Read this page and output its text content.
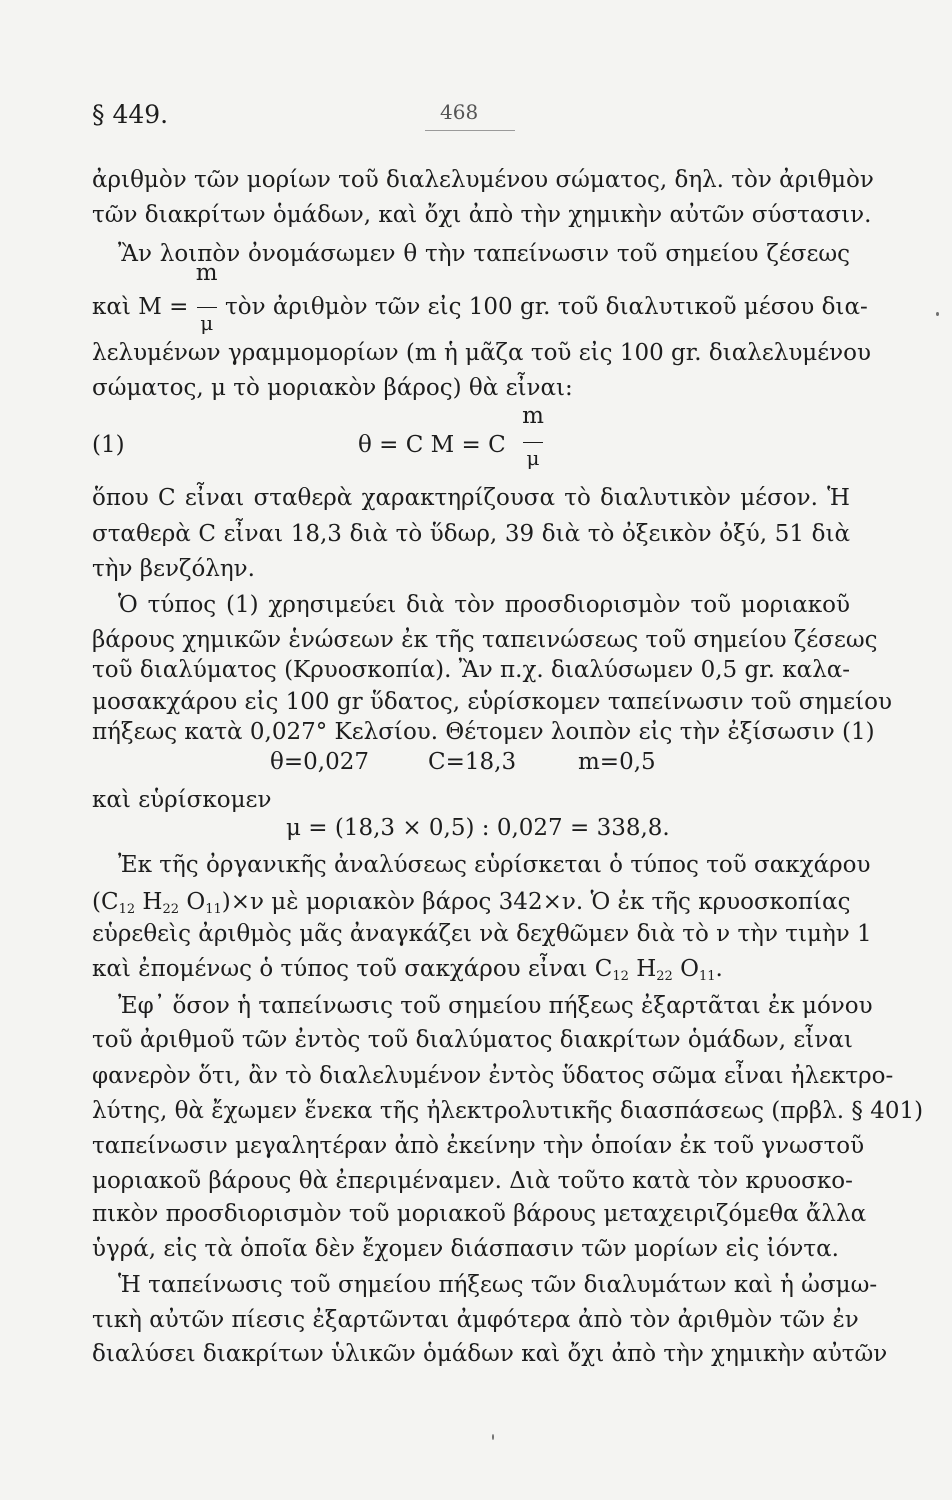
§ 449.	468
ἀριθμὸν τῶν μορίων τοῦ διαλελυμένου σώματος, δηλ. τὸν ἀριθμὸν
τῶν διακρίτων ὁμάδων, καὶ ὄχι ἀπὸ τὴν χημικὴν αὐτῶν σύστασιν.
Ἂν λοιπὸν ὀνομάσωμεν θ τὴν ταπείνωσιν τοῦ σημείου ζέσεως
καὶ $M = \frac{m}{\mu}$ τὸν ἀριθμὸν τῶν εἰς 100 gr. τοῦ διαλυτικοῦ μέσου δια-
λελυμένων γραμμομορίων (m ἡ μᾶζα τοῦ εἰς 100 gr. διαλελυμένου
σώματος, μ τὸ μοριακὸν βάρος) θὰ εἶναι:
(1)	θ = C M = C
m
μ
ὅπου C εἶναι σταθερὰ χαρακτηρίζουσα τὸ διαλυτικὸν μέσον. Ἡ
σταθερὰ C εἶναι 18,3 διὰ τὸ ὕδωρ, 39 διὰ τὸ ὀξεικὸν ὀξύ, 51 διὰ
τὴν βενζόλην.
Ὁ τύπος (1) χρησιμεύει διὰ τὸν προσδιορισμὸν τοῦ μοριακοῦ
βάρους χημικῶν ἑνώσεων ἐκ τῆς ταπεινώσεως τοῦ σημείου ζέσεως
τοῦ διαλύματος (Κρυοσκοπία). Ἂν π.χ. διαλύσωμεν 0,5 gr. καλα-
μοσακχάρου εἰς 100 gr ὕδατος, εὑρίσκομεν ταπείνωσιν τοῦ σημείου
πήξεως κατὰ 0,027° Κελσίου. Θέτομεν λοιπὸν εἰς τὴν ἐξίσωσιν (1)
θ=0,027	C=18,3	m=0,5
καὶ εὑρίσκομεν
μ = (18,3 × 0,5) : 0,027 = 338,8.
Ἐκ τῆς ὀργανικῆς ἀναλύσεως εὑρίσκεται ὁ τύπος τοῦ σακχάρου
($C_{12}$ $H_{22}$ $O_{11})\times\nu$ μὲ μοριακὸν βάρος 342×ν. Ὁ ἐκ τῆς κρυοσκοπίας
εὑρεθεὶς ἀριθμὸς μᾶς ἀναγκάζει νὰ δεχθῶμεν διὰ τὸ ν τὴν τιμὴν 1
καὶ ἐπομένως ὁ τύπος τοῦ σακχάρου εἶναι $C_{12}$ $H_{22}$ $O_{11}$.
Ἐφ᾽ ὅσον ἡ ταπείνωσις τοῦ σημείου πήξεως ἐξαρτᾶται ἐκ μόνου
τοῦ ἀριθμοῦ τῶν ἐντὸς τοῦ διαλύματος διακρίτων ὁμάδων, εἶναι
φανερὸν ὅτι, ἂν τὸ διαλελυμένον ἐντὸς ὕδατος σῶμα εἶναι ἠλεκτρο-
λύτης, θὰ ἔχωμεν ἕνεκα τῆς ἠλεκτρολυτικῆς διασπάσεως (πρβλ. § 401)
ταπείνωσιν μεγαλητέραν ἀπὸ ἐκείνην τὴν ὁποίαν ἐκ τοῦ γνωστοῦ
μοριακοῦ βάρους θὰ ἐπεριμέναμεν. Διὰ τοῦτο κατὰ τὸν κρυοσκο-
πικὸν προσδιορισμὸν τοῦ μοριακοῦ βάρους μεταχειριζόμεθα ἄλλα
ὑγρά, εἰς τὰ ὁποῖα δὲν ἔχομεν διάσπασιν τῶν μορίων εἰς ἰόντα.
Ἡ ταπείνωσις τοῦ σημείου πήξεως τῶν διαλυμάτων καὶ ἡ ὠσμω-
τικὴ αὐτῶν πίεσις ἐξαρτῶνται ἀμφότερα ἀπὸ τὸν ἀριθμὸν τῶν ἐν
διαλύσει διακρίτων ὑλικῶν ὁμάδων καὶ ὄχι ἀπὸ τὴν χημικὴν αὐτῶν
